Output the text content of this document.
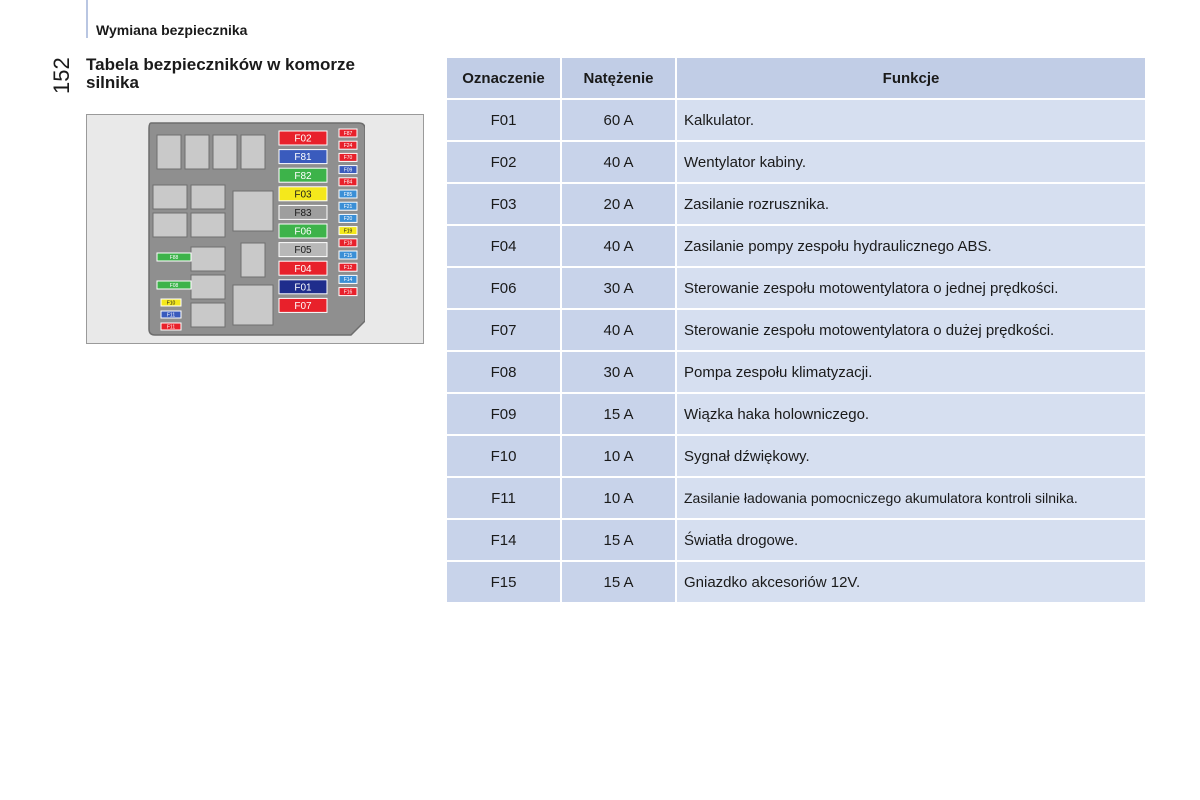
Wymiana bezpiecznika
152 Tabela bezpieczników w komorze silnika
F02
F81
F82
F03
F83
F06
F05
F04
F01
F07
F87
F24
F70
F09
F84
F85
F21
F20
F19
F18
F15
F12
F14
F16
F88
F08
F10
F11
F11
Oznaczenie	Natężenie	Funkcje
F01	60 A	Kalkulator.
F02	40 A	Wentylator kabiny.
F03	20 A	Zasilanie rozrusznika.
F04	40 A	Zasilanie pompy zespołu hydraulicznego ABS.
F06	30 A	Sterowanie zespołu motowentylatora o jednej prędkości.
F07	40 A	Sterowanie zespołu motowentylatora o dużej prędkości.
F08	30 A	Pompa zespołu klimatyzacji.
F09	15 A	Wiązka haka holowniczego.
F10	10 A	Sygnał dźwiękowy.
F11	10 A	Zasilanie ładowania pomocniczego akumulatora kontroli silnika.
F14	15 A	Światła drogowe.
F15	15 A	Gniazdko akcesoriów 12V.
